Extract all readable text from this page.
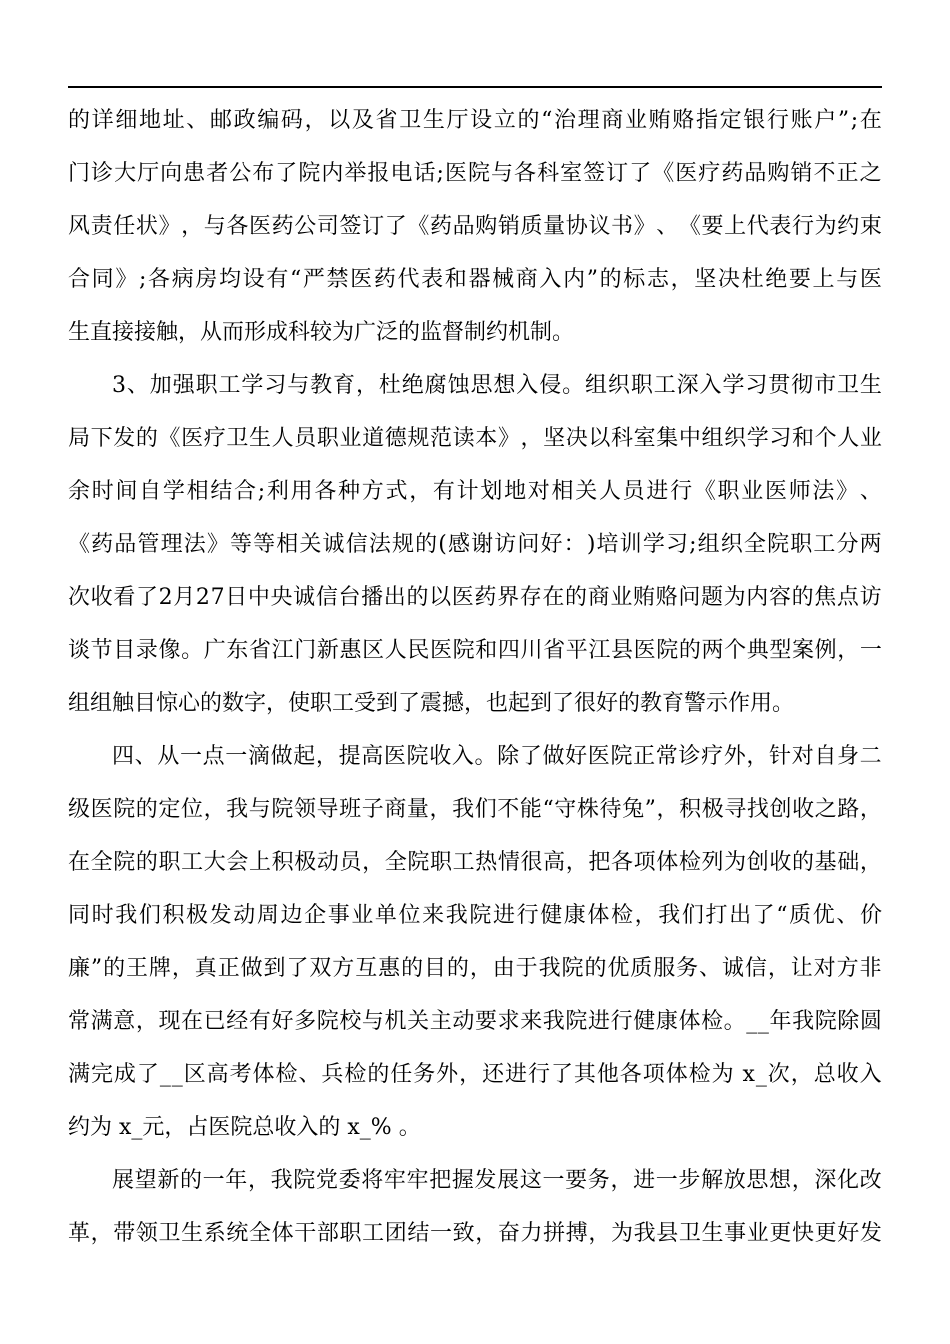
的 详 细 地 址 、 邮 政 编 码 ， 以 及 省 卫 生 厅 设 立 的 “ 治 理 商 业 贿 赂 指 定 银 行 账 户 ” ; 在
门 诊 大 厅 向 患 者 公 布 了 院 内 举 报 电 话 ; 医 院 与 各 科 室 签 订 了 《 医 疗 药 品 购 销 不 正 之
风 责 任 状 》 ， 与 各 医 药 公 司 签 订 了 《 药 品 购 销 质 量 协 议 书 》 、 《 要 上 代 表 行 为 约 束
合 同 》 ; 各 病 房 均 设 有 “ 严 禁 医 药 代 表 和 器 械 商 入 内 ” 的 标 志 ， 坚 决 杜 绝 要 上 与 医
生直接接触，从而形成科较为广泛的监督制约机制。
3 、 加 强 职 工 学 习 与 教 育 ， 杜 绝 腐 蚀 思 想 入 侵 。 组 织 职 工 深 入 学 习 贯 彻 市 卫 生
局 下 发 的 《 医 疗 卫 生 人 员 职 业 道 德 规 范 读 本 》 ， 坚 决 以 科 室 集 中 组 织 学 习 和 个 人 业
余 时 间 自 学 相 结 合 ; 利 用 各 种 方 式 ， 有 计 划 地 对 相 关 人 员 进 行 《 职 业 医 师 法 》 、
《 药 品 管 理 法 》 等 等 相 关 诚 信 法 规 的 ( 感 谢 访 问 好 ： ) 培 训 学 习 ; 组 织 全 院 职 工 分 两
次 收 看 了 2 月 2 7 日 中 央 诚 信 台 播 出 的 以 医 药 界 存 在 的 商 业 贿 赂 问 题 为 内 容 的 焦 点 访
谈 节 目 录 像 。 广 东 省 江 门 新 惠 区 人 民 医 院 和 四 川 省 平 江 县 医 院 的 两 个 典 型 案 例 ， 一
组组触目惊心的数字，使职工受到了震撼，也起到了很好的教育警示作用。
四 、 从 一 点 一 滴 做 起 ， 提 高 医 院 收 入 。 除 了 做 好 医 院 正 常 诊 疗 外 ， 针 对 自 身 二
级 医 院 的 定 位 ， 我 与 院 领 导 班 子 商 量 ， 我 们 不 能 “ 守 株 待 兔 ” ， 积 极 寻 找 创 收 之 路 ，
在 全 院 的 职 工 大 会 上 积 极 动 员 ， 全 院 职 工 热 情 很 高 ， 把 各 项 体 检 列 为 创 收 的 基 础 ，
同 时 我 们 积 极 发 动 周 边 企 事 业 单 位 来 我 院 进 行 健 康 体 检 ， 我 们 打 出 了 “ 质 优 、 价
廉 ” 的 王 牌 ， 真 正 做 到 了 双 方 互 惠 的 目 的 ， 由 于 我 院 的 优 质 服 务 、 诚 信 ， 让 对 方 非
常 满 意 ， 现 在 已 经 有 好 多 院 校 与 机 关 主 动 要 求 来 我 院 进 行 健 康 体 检 。 _ _ 年 我 院 除 圆
满 完 成 了 _ _ 区 高 考 体 检 、 兵 检 的 任 务 外 ， 还 进 行 了 其 他 各 项 体 检 为
x _ 次 ， 总 收 入
约为 x_元，占医院总收入的 x_% 。
展 望 新 的 一 年 ， 我 院 党 委 将 牢 牢 把 握 发 展 这 一 要 务 ， 进 一 步 解 放 思 想 ， 深 化 改
革 ， 带 领 卫 生 系 统 全 体 干 部 职 工 团 结 一 致 ， 奋 力 拼 搏 ， 为 我 县 卫 生 事 业 更 快 更 好 发
